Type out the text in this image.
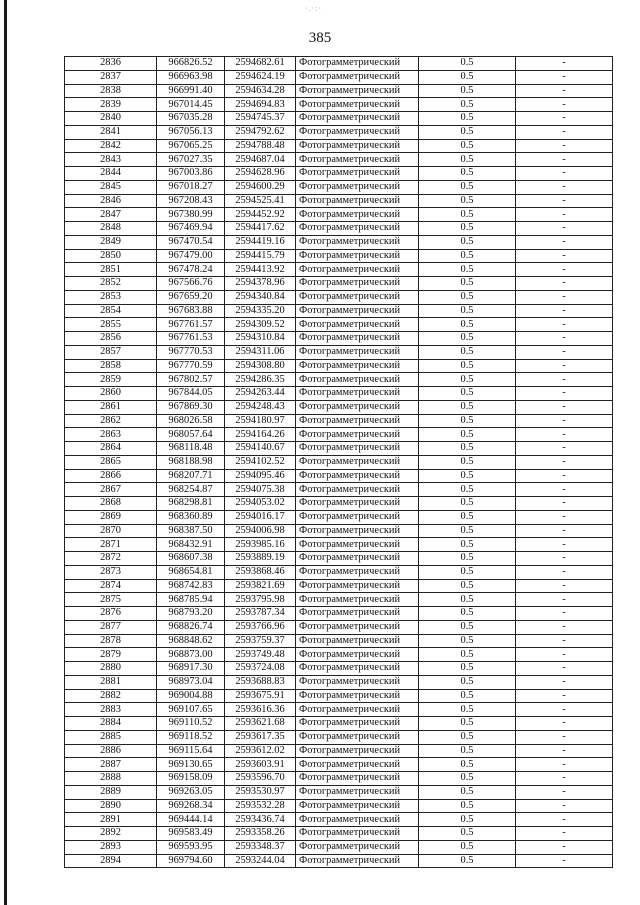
·.·:·
385
2836	966826.52	2594682.61	Фотограмметрический	0.5	-
2837	966963.98	2594624.19	Фотограмметрический	0.5	-
2838	966991.40	2594634.28	Фотограмметрический	0.5	-
2839	967014.45	2594694.83	Фотограмметрический	0.5	-
2840	967035.28	2594745.37	Фотограмметрический	0.5	-
2841	967056.13	2594792.62	Фотограмметрический	0.5	-
2842	967065.25	2594788.48	Фотограмметрический	0.5	-
2843	967027.35	2594687.04	Фотограмметрический	0.5	-
2844	967003.86	2594628.96	Фотограмметрический	0.5	-
2845	967018.27	2594600.29	Фотограмметрический	0.5	-
2846	967208.43	2594525.41	Фотограмметрический	0.5	-
2847	967380.99	2594452.92	Фотограмметрический	0.5	-
2848	967469.94	2594417.62	Фотограмметрический	0.5	-
2849	967470.54	2594419.16	Фотограмметрический	0.5	-
2850	967479.00	2594415.79	Фотограмметрический	0.5	-
2851	967478.24	2594413.92	Фотограмметрический	0.5	-
2852	967566.76	2594378.96	Фотограмметрический	0.5	-
2853	967659.20	2594340.84	Фотограмметрический	0.5	-
2854	967683.88	2594335.20	Фотограмметрический	0.5	-
2855	967761.57	2594309.52	Фотограмметрический	0.5	-
2856	967761.53	2594310.84	Фотограмметрический	0.5	-
2857	967770.53	2594311.06	Фотограмметрический	0.5	-
2858	967770.59	2594308.80	Фотограмметрический	0.5	-
2859	967802.57	2594286.35	Фотограмметрический	0.5	-
2860	967844.05	2594263.44	Фотограмметрический	0.5	-
2861	967869.30	2594248.43	Фотограмметрический	0.5	-
2862	968026.58	2594180.97	Фотограмметрический	0.5	-
2863	968057.64	2594164.26	Фотограмметрический	0.5	-
2864	968118.48	2594140.67	Фотограмметрический	0.5	-
2865	968188.98	2594102.52	Фотограмметрический	0.5	-
2866	968207.71	2594095.46	Фотограмметрический	0.5	-
2867	968254.87	2594075.38	Фотограмметрический	0.5	-
2868	968298.81	2594053.02	Фотограмметрический	0.5	-
2869	968360.89	2594016.17	Фотограмметрический	0.5	-
2870	968387.50	2594006.98	Фотограмметрический	0.5	-
2871	968432.91	2593985.16	Фотограмметрический	0.5	-
2872	968607.38	2593889.19	Фотограмметрический	0.5	-
2873	968654.81	2593868.46	Фотограмметрический	0.5	-
2874	968742.83	2593821.69	Фотограмметрический	0.5	-
2875	968785.94	2593795.98	Фотограмметрический	0.5	-
2876	968793.20	2593787.34	Фотограмметрический	0.5	-
2877	968826.74	2593766.96	Фотограмметрический	0.5	-
2878	968848.62	2593759.37	Фотограмметрический	0.5	-
2879	968873.00	2593749.48	Фотограмметрический	0.5	-
2880	968917.30	2593724.08	Фотограмметрический	0.5	-
2881	968973.04	2593688.83	Фотограмметрический	0.5	-
2882	969004.88	2593675.91	Фотограмметрический	0.5	-
2883	969107.65	2593616.36	Фотограмметрический	0.5	-
2884	969110.52	2593621.68	Фотограмметрический	0.5	-
2885	969118.52	2593617.35	Фотограмметрический	0.5	-
2886	969115.64	2593612.02	Фотограмметрический	0.5	-
2887	969130.65	2593603.91	Фотограмметрический	0.5	-
2888	969158.09	2593596.70	Фотограмметрический	0.5	-
2889	969263.05	2593530.97	Фотограмметрический	0.5	-
2890	969268.34	2593532.28	Фотограмметрический	0.5	-
2891	969444.14	2593436.74	Фотограмметрический	0.5	-
2892	969583.49	2593358.26	Фотограмметрический	0.5	-
2893	969593.95	2593348.37	Фотограмметрический	0.5	-
2894	969794.60	2593244.04	Фотограмметрический	0.5	-
